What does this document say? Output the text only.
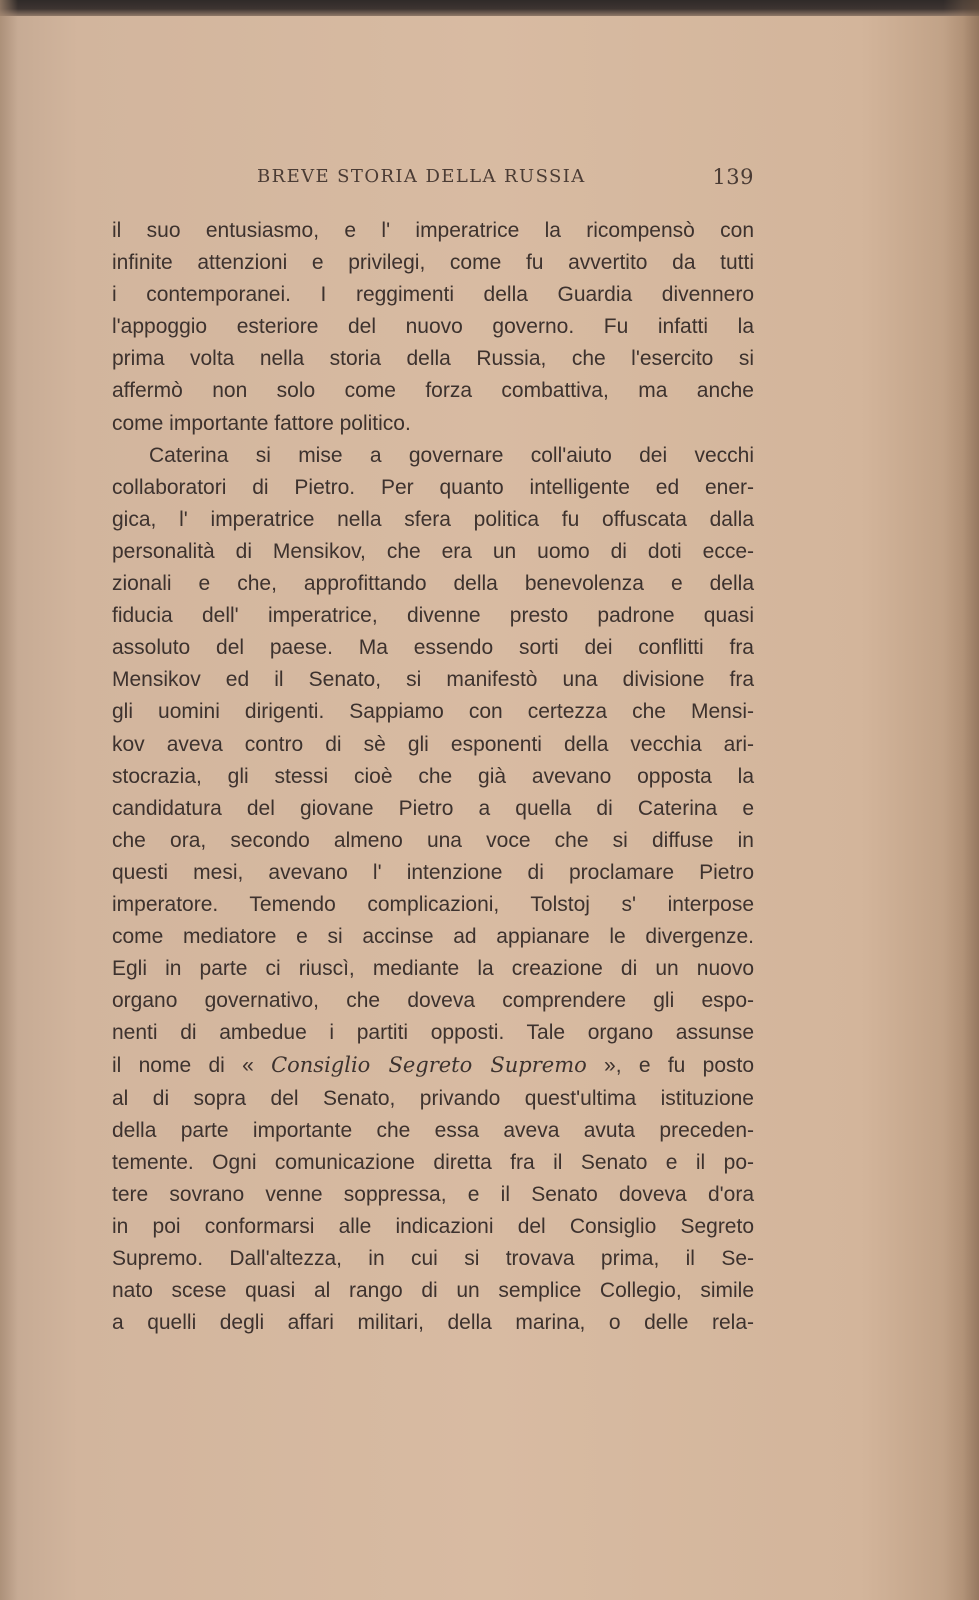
BREVE STORIA DELLA RUSSIA	139
il suo entusiasmo, e l' imperatrice la ricompensò con
infinite attenzioni e privilegi, come fu avvertito da tutti
i contemporanei. I reggimenti della Guardia divennero
l'appoggio esteriore del nuovo governo. Fu infatti la
prima volta nella storia della Russia, che l'esercito si
affermò non solo come forza combattiva, ma anche
come importante fattore politico.
Caterina si mise a governare coll'aiuto dei vecchi
collaboratori di Pietro. Per quanto intelligente ed ener-
gica, l' imperatrice nella sfera politica fu offuscata dalla
personalità di Mensikov, che era un uomo di doti ecce-
zionali e che, approfittando della benevolenza e della
fiducia dell' imperatrice, divenne presto padrone quasi
assoluto del paese. Ma essendo sorti dei conflitti fra
Mensikov ed il Senato, si manifestò una divisione fra
gli uomini dirigenti. Sappiamo con certezza che Mensi-
kov aveva contro di sè gli esponenti della vecchia ari-
stocrazia, gli stessi cioè che già avevano opposta la
candidatura del giovane Pietro a quella di Caterina e
che ora, secondo almeno una voce che si diffuse in
questi mesi, avevano l' intenzione di proclamare Pietro
imperatore. Temendo complicazioni, Tolstoj s' interpose
come mediatore e si accinse ad appianare le divergenze.
Egli in parte ci riuscì, mediante la creazione di un nuovo
organo governativo, che doveva comprendere gli espo-
nenti di ambedue i partiti opposti. Tale organo assunse
il nome di « Consiglio Segreto Supremo », e fu posto
al di sopra del Senato, privando quest'ultima istituzione
della parte importante che essa aveva avuta preceden-
temente. Ogni comunicazione diretta fra il Senato e il po-
tere sovrano venne soppressa, e il Senato doveva d'ora
in poi conformarsi alle indicazioni del Consiglio Segreto
Supremo. Dall'altezza, in cui si trovava prima, il Se-
nato scese quasi al rango di un semplice Collegio, simile
a quelli degli affari militari, della marina, o delle rela-
